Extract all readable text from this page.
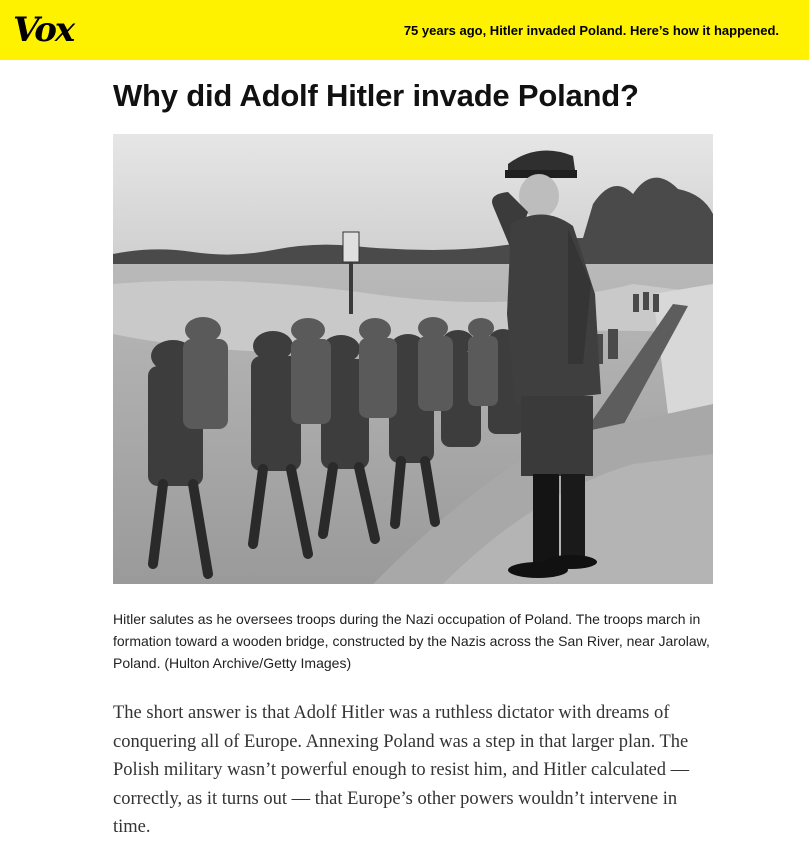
Vox	75 years ago, Hitler invaded Poland. Here’s how it happened.
Why did Adolf Hitler invade Poland?

Hitler salutes as he oversees troops during the Nazi occupation of Poland. The troops march in formation toward a wooden bridge, constructed by the Nazis across the San River, near Jarolaw, Poland. (Hulton Archive/Getty Images)

The short answer is that Adolf Hitler was a ruthless dictator with dreams of conquering all of Europe. Annexing Poland was a step in that larger plan. The Polish military wasn’t powerful enough to resist him, and Hitler calculated — correctly, as it turns out — that Europe’s other powers wouldn’t intervene in time.
